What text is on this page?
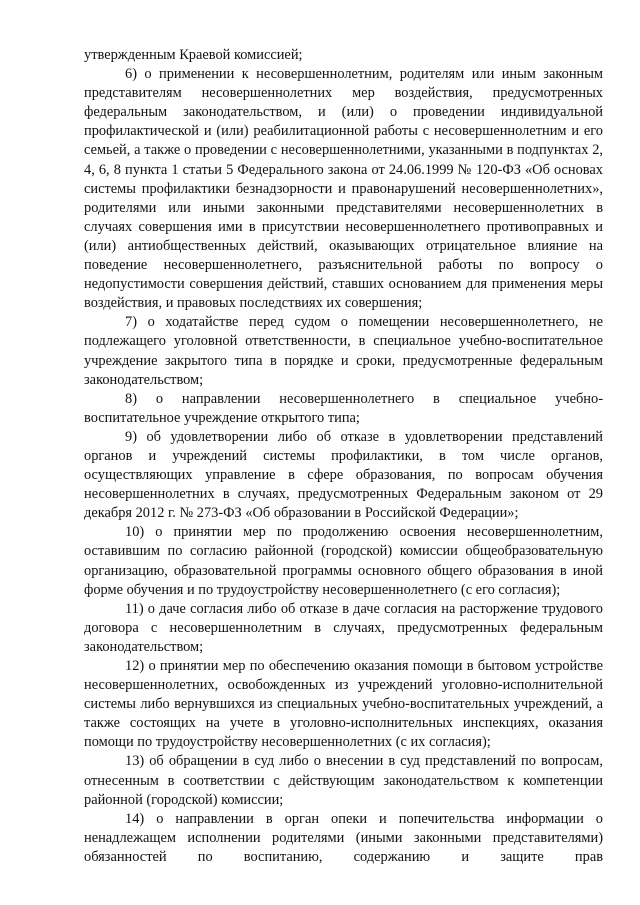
утвержденным Краевой комиссией;

6) о применении к несовершеннолетним, родителям или иным законным представителям несовершеннолетних мер воздействия, предусмотренных федеральным законодательством, и (или) о проведении индивидуальной профилактической и (или) реабилитационной работы с несовершеннолетним и его семьей, а также о проведении с несовершеннолетними, указанными в подпунктах 2, 4, 6, 8 пункта 1 статьи 5 Федерального закона от 24.06.1999 № 120-ФЗ «Об основах системы профилактики безнадзорности и правонарушений несовершеннолетних», родителями или иными законными представителями несовершеннолетних в случаях совершения ими в присутствии несовершеннолетнего противоправных и (или) антиобщественных действий, оказывающих отрицательное влияние на поведение несовершеннолетнего, разъяснительной работы по вопросу о недопустимости совершения действий, ставших основанием для применения меры воздействия, и правовых последствиях их совершения;

7) о ходатайстве перед судом о помещении несовершеннолетнего, не подлежащего уголовной ответственности, в специальное учебно-воспитательное учреждение закрытого типа в порядке и сроки, предусмотренные федеральным законодательством;

8) о направлении несовершеннолетнего в специальное учебно-воспитательное учреждение открытого типа;

9) об удовлетворении либо об отказе в удовлетворении представлений органов и учреждений системы профилактики, в том числе органов, осуществляющих управление в сфере образования, по вопросам обучения несовершеннолетних в случаях, предусмотренных Федеральным законом от 29 декабря 2012 г. № 273-ФЗ «Об образовании в Российской Федерации»;

10) о принятии мер по продолжению освоения несовершеннолетним, оставившим по согласию районной (городской) комиссии общеобразовательную организацию, образовательной программы основного общего образования в иной форме обучения и по трудоустройству несовершеннолетнего (с его согласия);

11) о даче согласия либо об отказе в даче согласия на расторжение трудового договора с несовершеннолетним в случаях, предусмотренных федеральным законодательством;

12) о принятии мер по обеспечению оказания помощи в бытовом устройстве несовершеннолетних, освобожденных из учреждений уголовно-исполнительной системы либо вернувшихся из специальных учебно-воспитательных учреждений, а также состоящих на учете в уголовно-исполнительных инспекциях, оказания помощи по трудоустройству несовершеннолетних (с их согласия);

13) об обращении в суд либо о внесении в суд представлений по вопросам, отнесенным в соответствии с действующим законодательством к компетенции районной (городской) комиссии;

14) о направлении в орган опеки и попечительства информации о ненадлежащем исполнении родителями (иными законными представителями) обязанностей по воспитанию, содержанию и защите прав
